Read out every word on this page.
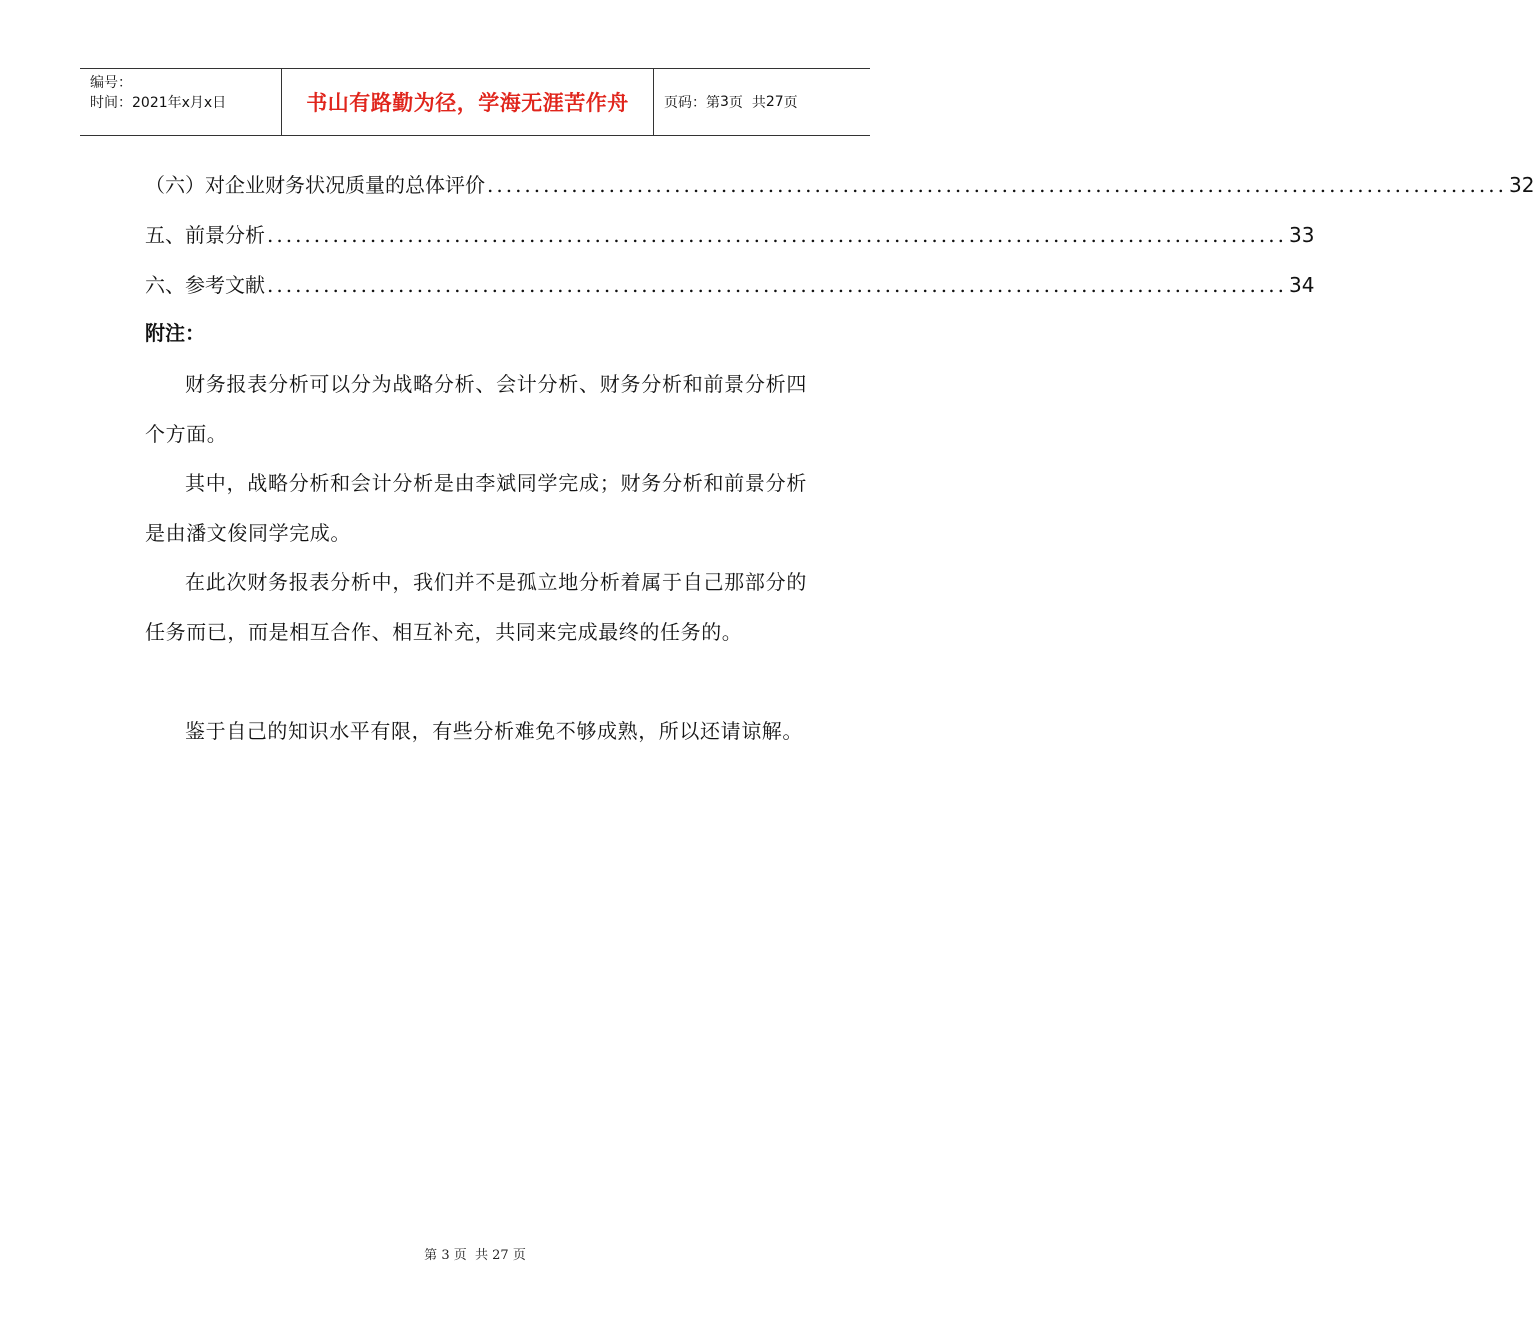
编号：
时间：2021年x月x日	书山有路勤为径，学海无涯苦作舟	页码：第 3 页  共 27 页
（六）对企业财务状况质量的总体评价 ............................................................................................................. 32
五、前景分析 ............................................................................................................. 33
六、参考文献 ............................................................................................................. 34
附注：
财务报表分析可以分为战略分析、会计分析、财务分析和前景分析四个方面。
其中，战略分析和会计分析是由李斌同学完成；财务分析和前景分析是由潘文俊同学完成。
在此次财务报表分析中，我们并不是孤立地分析着属于自己那部分的任务而已，而是相互合作、相互补充，共同来完成最终的任务的。
鉴于自己的知识水平有限，有些分析难免不够成熟，所以还请谅解。
第 3 页  共 27 页
